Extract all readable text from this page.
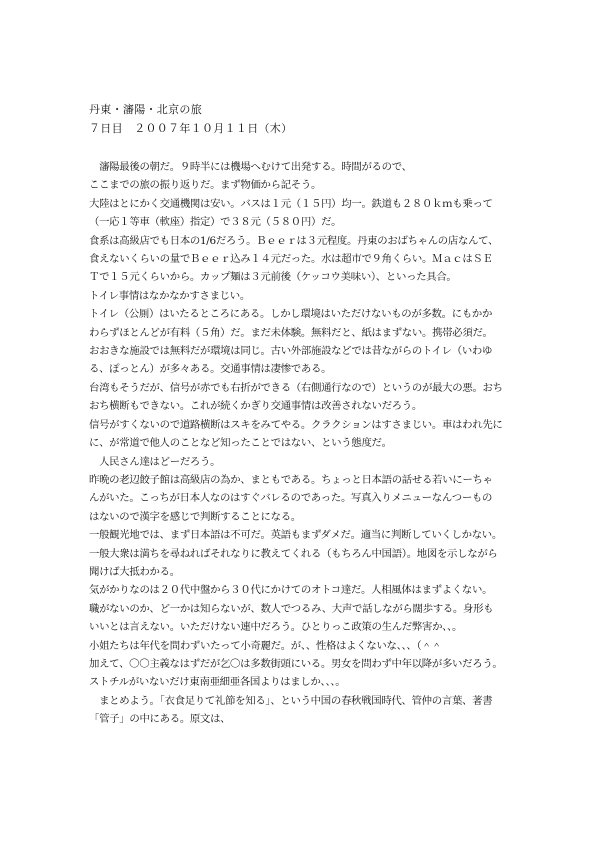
丹東・瀋陽・北京の旅
７日目　２００７年１０月１１日（木）
　瀋陽最後の朝だ。９時半には機場へむけて出発する。時間がるので、
ここまでの旅の振り返りだ。まず物価から記そう。
大陸はとにかく交通機関は安い。バスは１元（１５円）均一。鉄道も２８０ｋｍも乗って
（一応１等車（軟座）指定）で３８元（５８０円）だ。
食系は高級店でも日本の1/6だろう。Ｂｅｅｒは３元程度。丹東のおばちゃんの店なんて、
食えないくらいの量でＢｅｅｒ込み１４元だった。水は超市で９角くらい。ＭａｃはＳＥ
Ｔで１５元くらいから。カップ麺は３元前後（ケッコウ美味い）、といった具合。
トイレ事情はなかなかすさまじい。
トイレ（公厠）はいたるところにある。しかし環境はいただけないものが多数。にもかか
わらずほとんどが有料（５角）だ。まだ未体験。無料だと、紙はまずない。携帯必須だ。
おおきな施設では無料だが環境は同じ。古い外部施設などでは昔ながらのトイレ（いわゆ
る、ぽっとん）が多々ある。交通事情は凄惨である。
台湾もそうだが、信号が赤でも右折ができる（右側通行なので）というのが最大の悪。おち
おち横断もできない。これが続くかぎり交通事情は改善されないだろう。
信号がすくないので道路横断はスキをみてやる。クラクションはすさまじい。車はわれ先に
に、が常道で他人のことなど知ったことではない、という態度だ。
　人民さん達はどーだろう。
昨晩の老辺餃子館は高級店の為か、まともである。ちょっと日本語の話せる若いにーちゃ
んがいた。こっちが日本人なのはすぐバレるのであった。写真入りメニューなんつーもの
はないので漢字を感じで判断することになる。
一般観光地では、まず日本語は不可だ。英語もまずダメだ。適当に判断していくしかない。
一般大衆は満ちを尋ねればそれなりに教えてくれる（もちろん中国語）。地図を示しながら
聞けば大抵わかる。
気がかりなのは２０代中盤から３０代にかけてのオトコ達だ。人相風体はまずよくない。
職がないのか、ど一かは知らないが、数人でつるみ、大声で話しながら闊歩する。身形も
いいとは言えない。いただけない連中だろう。ひとりっこ政策の生んだ弊害か、、。
小姐たちは年代を問わずいたって小奇麗だ。が、、性格はよくないな、、、（＾＾
加えて、〇〇主義なはずだが乞〇は多数街頭にいる。男女を問わず中年以降が多いだろう。
ストチルがいないだけ東南亜細亜各国よりはましか、、、。
　まとめよう。「衣食足りて礼節を知る」、という中国の春秋戦国時代、管仲の言葉、著書
「管子」の中にある。原文は、
